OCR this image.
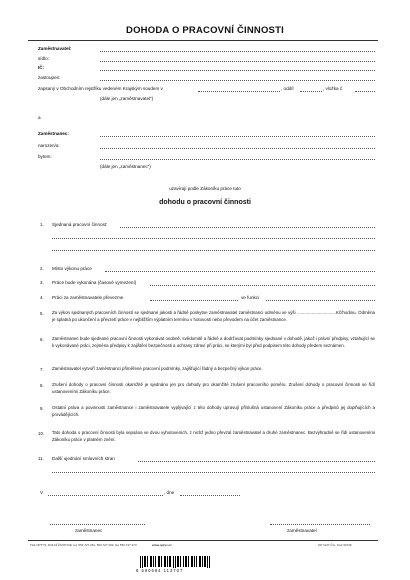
DOHODA O PRACOVNÍ ČINNOSTI
Zaměstnavatel:
sídlo:
IČ:
zastoupen:
zapsaný v Obchodním rejstříku vedeném Krajským soudem v	, oddíl	, vložka č.
(dále jen „zaměstnavatel“)
a
Zaměstnanec:
narozen/a:
bytem:
(dále jen „zaměstnanec“)
uzavírají podle Zákoníku práce tuto
dohodu o pracovní činnosti
1. Sjednaná pracovní činnost:
2. Místo výkonu práce
3. Práce bude vykonána (časové vymezení)
4. Práci za zaměstnavatele převezme	ve funkci
5. Za výkon sjednaných pracovních činností se sjednané jakosti a řádně poskytne zaměstnavatel zaměstnanci odměnu ve výši ................................Kč/hodinu. Odměna je splatná po ukončení a převzetí práce v nejbližším výplatním termínu v hotovosti nebo převodem na účet zaměstnance.
6. Zaměstnanec bude sjednané pracovní činnosti vykonávat osobně, svědomitě a řádně a dodržovat podmínky sjednané v dohodě, jakož i právní předpisy, vztahující se k vykonávané práci, zejména předpisy k zajištění bezpečnosti a ochrany zdraví při práci, se kterými byl před podpisem této dohody předem seznámen.
7. Zaměstnavatel vytvoří zaměstnanci přiměřené pracovní podmínky, zajišťující řádný a bezpečný výkon práce.
8. Zrušení dohody o pracovní činnosti okamžitě je sjednáno jen pro dohody pro okamžité zrušení pracovního poměru. Zrušení dohody o pracovní činnosti se řídí ustanoveními Zákoníku práce.
9. Ostatní práva a povinnosti zaměstnance i zaměstnavatele vyplývající z této dohody upravují příslušná ustanovení Zákoníku práce a předpisů jej doplňujících a provádějících.
10. Tato dohoda o pracovní činnosti byla sepsána ve dvou vyhotoveních, z nichž jedno převzal zaměstnavatel a druhé zaměstnanec. Bezvýhradně se řídí ustanoveními Zákoníku práce v platném znění.
11. Další ujednání smluvních stran
V	, dne
zaměstnanec	zaměstnavatel
Tisk OPTYS, DOLNÍ ŽIVOTICE, tel. 553 727 261, 553 727 263, fax 553 727 373	www.optys.cz	OP 1137 Čís. 1/12 33746
8 590584 113707
